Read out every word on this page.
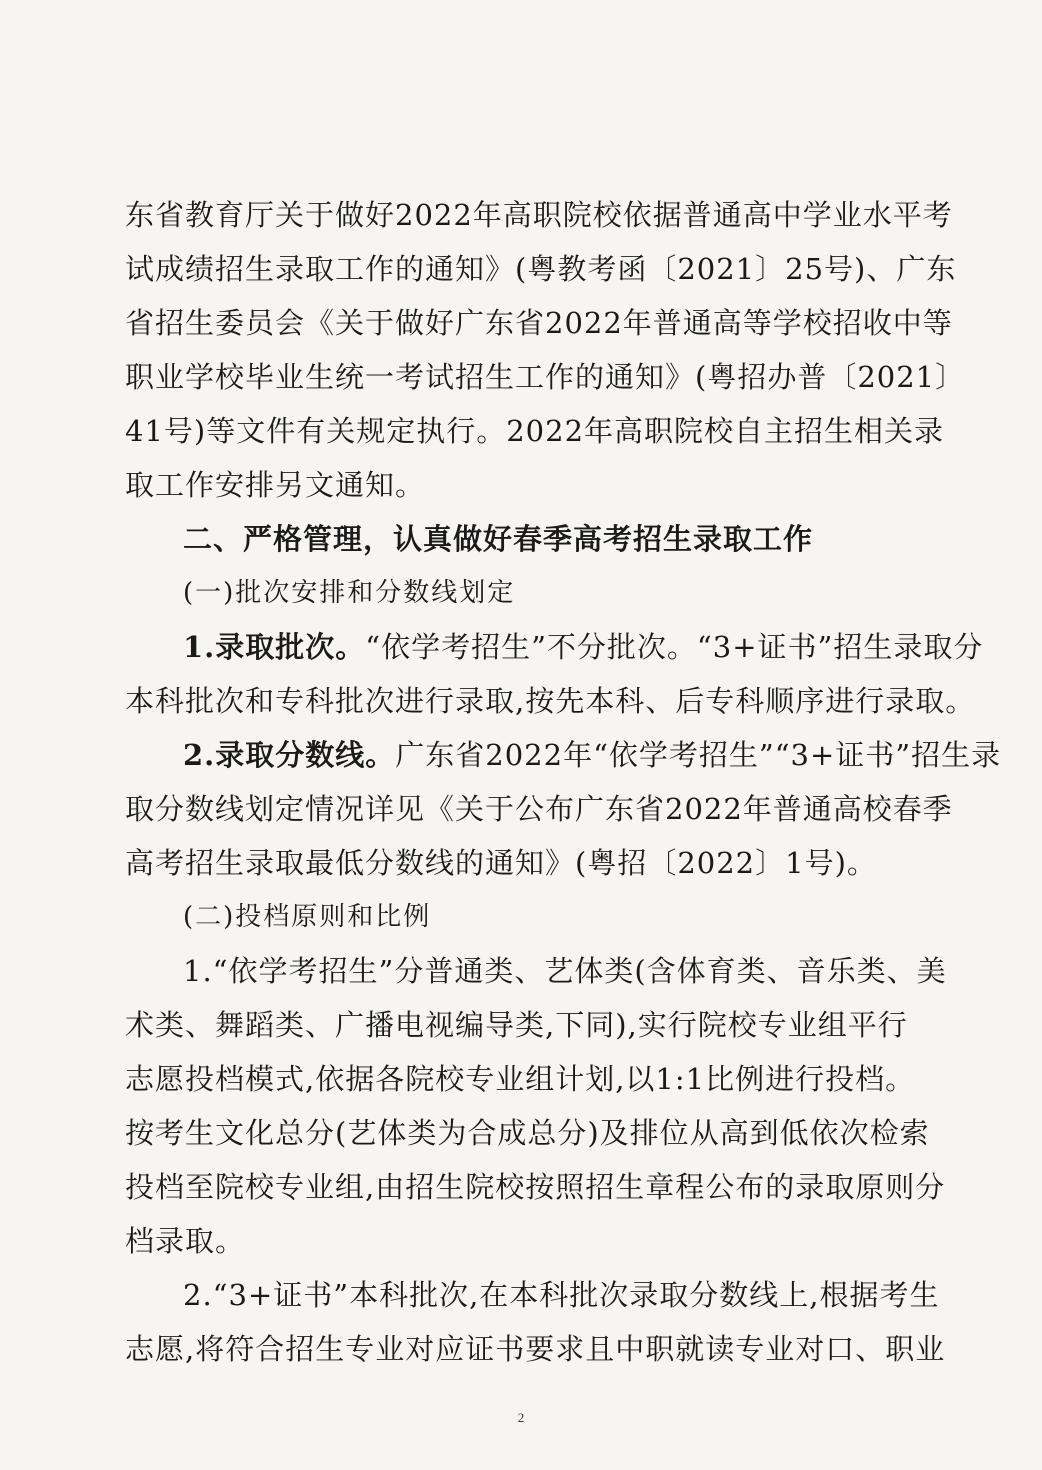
东省教育厅关于做好2022年高职院校依据普通高中学业水平考
试成绩招生录取工作的通知》(粤教考函〔2021〕25号)、广东
省招生委员会《关于做好广东省2022年普通高等学校招收中等
职业学校毕业生统一考试招生工作的通知》(粤招办普〔2021〕
41号)等文件有关规定执行。2022年高职院校自主招生相关录
取工作安排另文通知。
二、严格管理，认真做好春季高考招生录取工作
(一)批次安排和分数线划定
1.录取批次。“依学考招生”不分批次。“3+证书”招生录取分
本科批次和专科批次进行录取,按先本科、后专科顺序进行录取。
2.录取分数线。广东省2022年“依学考招生”“3+证书”招生录
取分数线划定情况详见《关于公布广东省2022年普通高校春季
高考招生录取最低分数线的通知》(粤招〔2022〕1号)。
(二)投档原则和比例
1.“依学考招生”分普通类、艺体类(含体育类、音乐类、美
术类、舞蹈类、广播电视编导类,下同),实行院校专业组平行
志愿投档模式,依据各院校专业组计划,以1:1比例进行投档。
按考生文化总分(艺体类为合成总分)及排位从高到低依次检索
投档至院校专业组,由招生院校按照招生章程公布的录取原则分
档录取。
2.“3+证书”本科批次,在本科批次录取分数线上,根据考生
志愿,将符合招生专业对应证书要求且中职就读专业对口、职业
2
